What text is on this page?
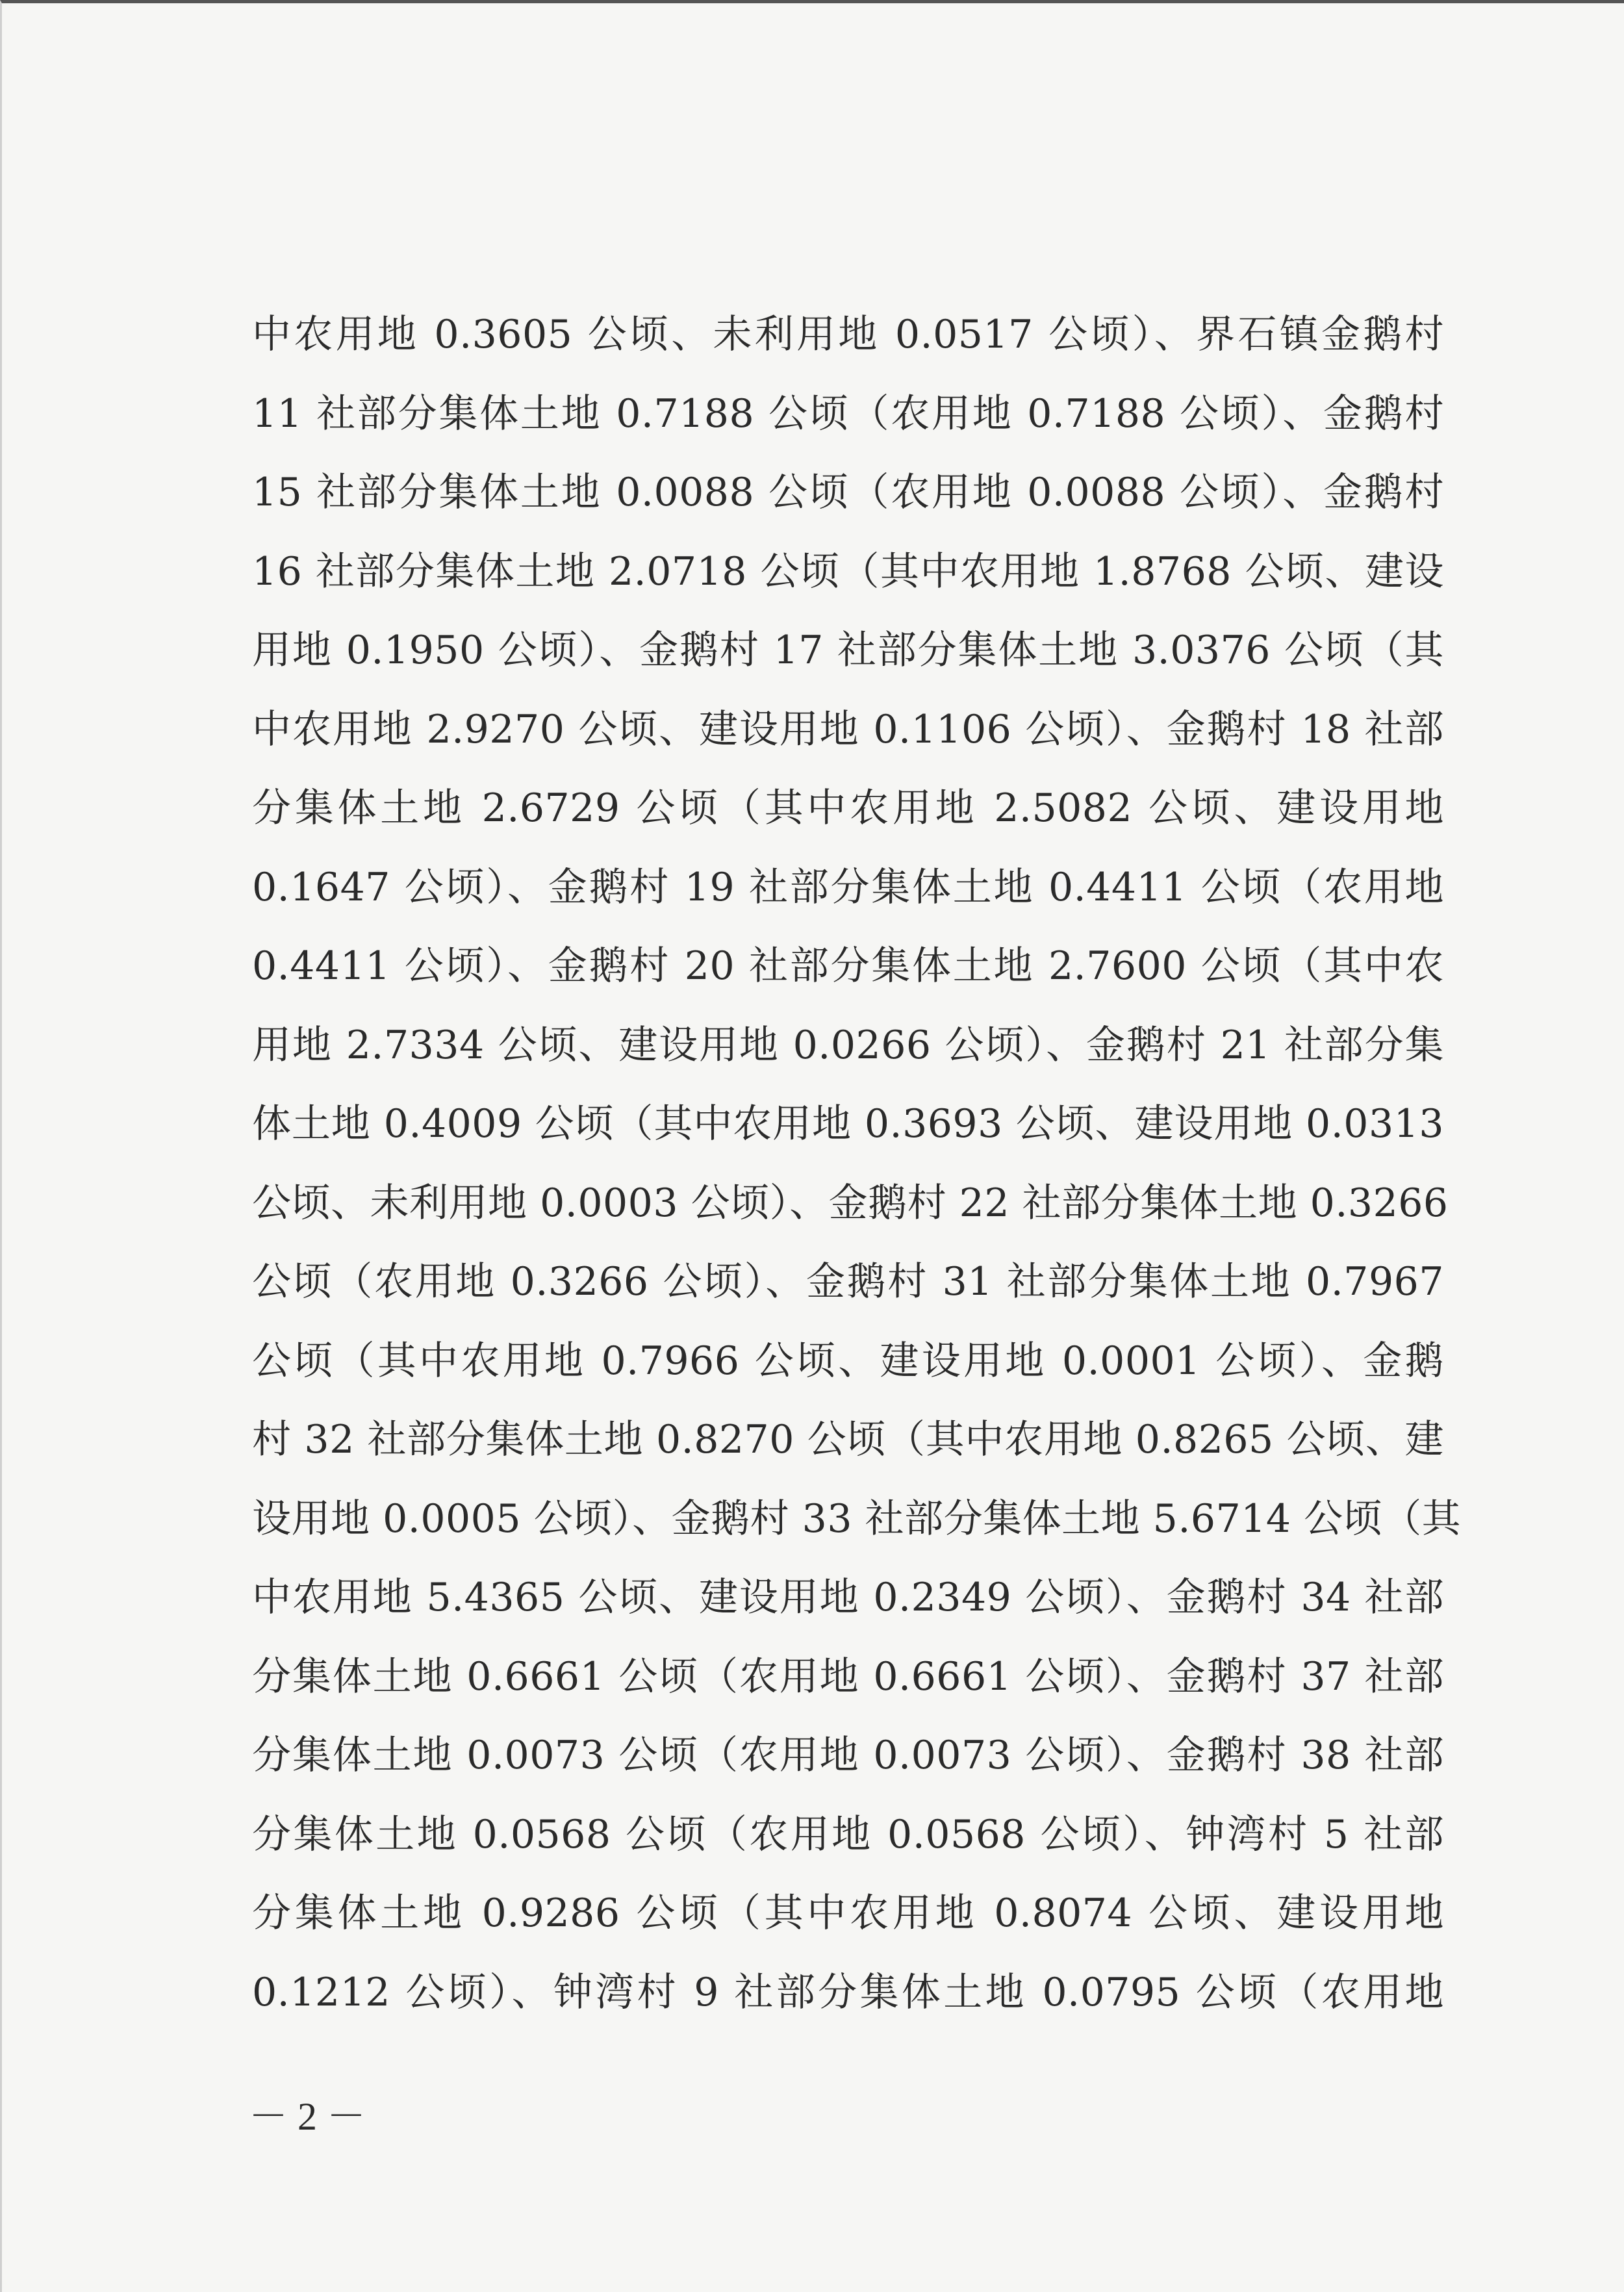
中农用地 0.3605 公顷、未利用地 0.0517 公顷）、界石镇金鹅村
11 社部分集体土地 0.7188 公顷（农用地 0.7188 公顷）、金鹅村
15 社部分集体土地 0.0088 公顷（农用地 0.0088 公顷）、金鹅村
16 社部分集体土地 2.0718 公顷（其中农用地 1.8768 公顷、建设
用地 0.1950 公顷）、金鹅村 17 社部分集体土地 3.0376 公顷（其
中农用地 2.9270 公顷、建设用地 0.1106 公顷）、金鹅村 18 社部
分集体土地 2.6729 公顷（其中农用地 2.5082 公顷、建设用地
0.1647 公顷）、金鹅村 19 社部分集体土地 0.4411 公顷（农用地
0.4411 公顷）、金鹅村 20 社部分集体土地 2.7600 公顷（其中农
用地 2.7334 公顷、建设用地 0.0266 公顷）、金鹅村 21 社部分集
体土地 0.4009 公顷（其中农用地 0.3693 公顷、建设用地 0.0313
公顷、未利用地 0.0003 公顷）、金鹅村 22 社部分集体土地 0.3266
公顷（农用地 0.3266 公顷）、金鹅村 31 社部分集体土地 0.7967
公顷（其中农用地 0.7966 公顷、建设用地 0.0001 公顷）、金鹅
村 32 社部分集体土地 0.8270 公顷（其中农用地 0.8265 公顷、建
设用地 0.0005 公顷）、金鹅村 33 社部分集体土地 5.6714 公顷（其
中农用地 5.4365 公顷、建设用地 0.2349 公顷）、金鹅村 34 社部
分集体土地 0.6661 公顷（农用地 0.6661 公顷）、金鹅村 37 社部
分集体土地 0.0073 公顷（农用地 0.0073 公顷）、金鹅村 38 社部
分集体土地 0.0568 公顷（农用地 0.0568 公顷）、钟湾村 5 社部
分集体土地 0.9286 公顷（其中农用地 0.8074 公顷、建设用地
0.1212 公顷）、钟湾村 9 社部分集体土地 0.0795 公顷（农用地
－ 2 －
